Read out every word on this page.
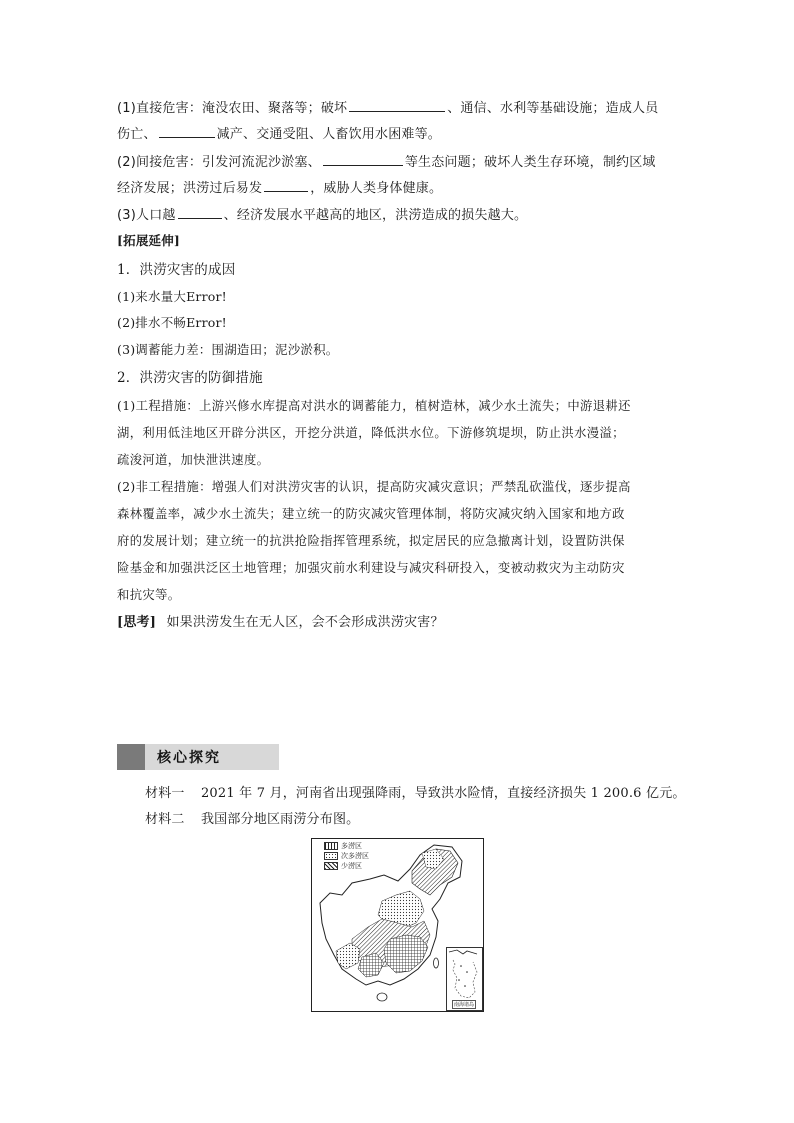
(1)直接危害：淹没农田、聚落等；破坏	、通信、水利等基础设施；造成人员
伤亡、	减产、交通受阻、人畜饮用水困难等。
(2)间接危害：引发河流泥沙淤塞、	等生态问题；破坏人类生存环境，制约区域
经济发展；洪涝过后易发	，威胁人类身体健康。
(3)人口越	、经济发展水平越高的地区，洪涝造成的损失越大。
[拓展延伸]
1．洪涝灾害的成因
(1)来水量大Error!
(2)排水不畅Error!
(3)调蓄能力差：围湖造田；泥沙淤积。
2．洪涝灾害的防御措施
(1)工程措施：上游兴修水库提高对洪水的调蓄能力，植树造林，减少水土流失；中游退耕还
湖，利用低洼地区开辟分洪区，开挖分洪道，降低洪水位。下游修筑堤坝，防止洪水漫溢；
疏浚河道，加快泄洪速度。
(2)非工程措施：增强人们对洪涝灾害的认识，提高防灾减灾意识；严禁乱砍滥伐，逐步提高
森林覆盖率，减少水土流失；建立统一的防灾减灾管理体制，将防灾减灾纳入国家和地方政
府的发展计划；建立统一的抗洪抢险指挥管理系统，拟定居民的应急撤离计划，设置防洪保
险基金和加强洪泛区土地管理；加强灾前水利建设与减灾科研投入，变被动救灾为主动防灾
和抗灾等。
[思考] 如果洪涝发生在无人区，会不会形成洪涝灾害？
核心探究
材料一 2021 年 7 月，河南省出现强降雨，导致洪水险情，直接经济损失 1 200.6 亿元。
材料二 我国部分地区雨涝分布图。
多涝区
次多涝区
少涝区
南海诸岛
